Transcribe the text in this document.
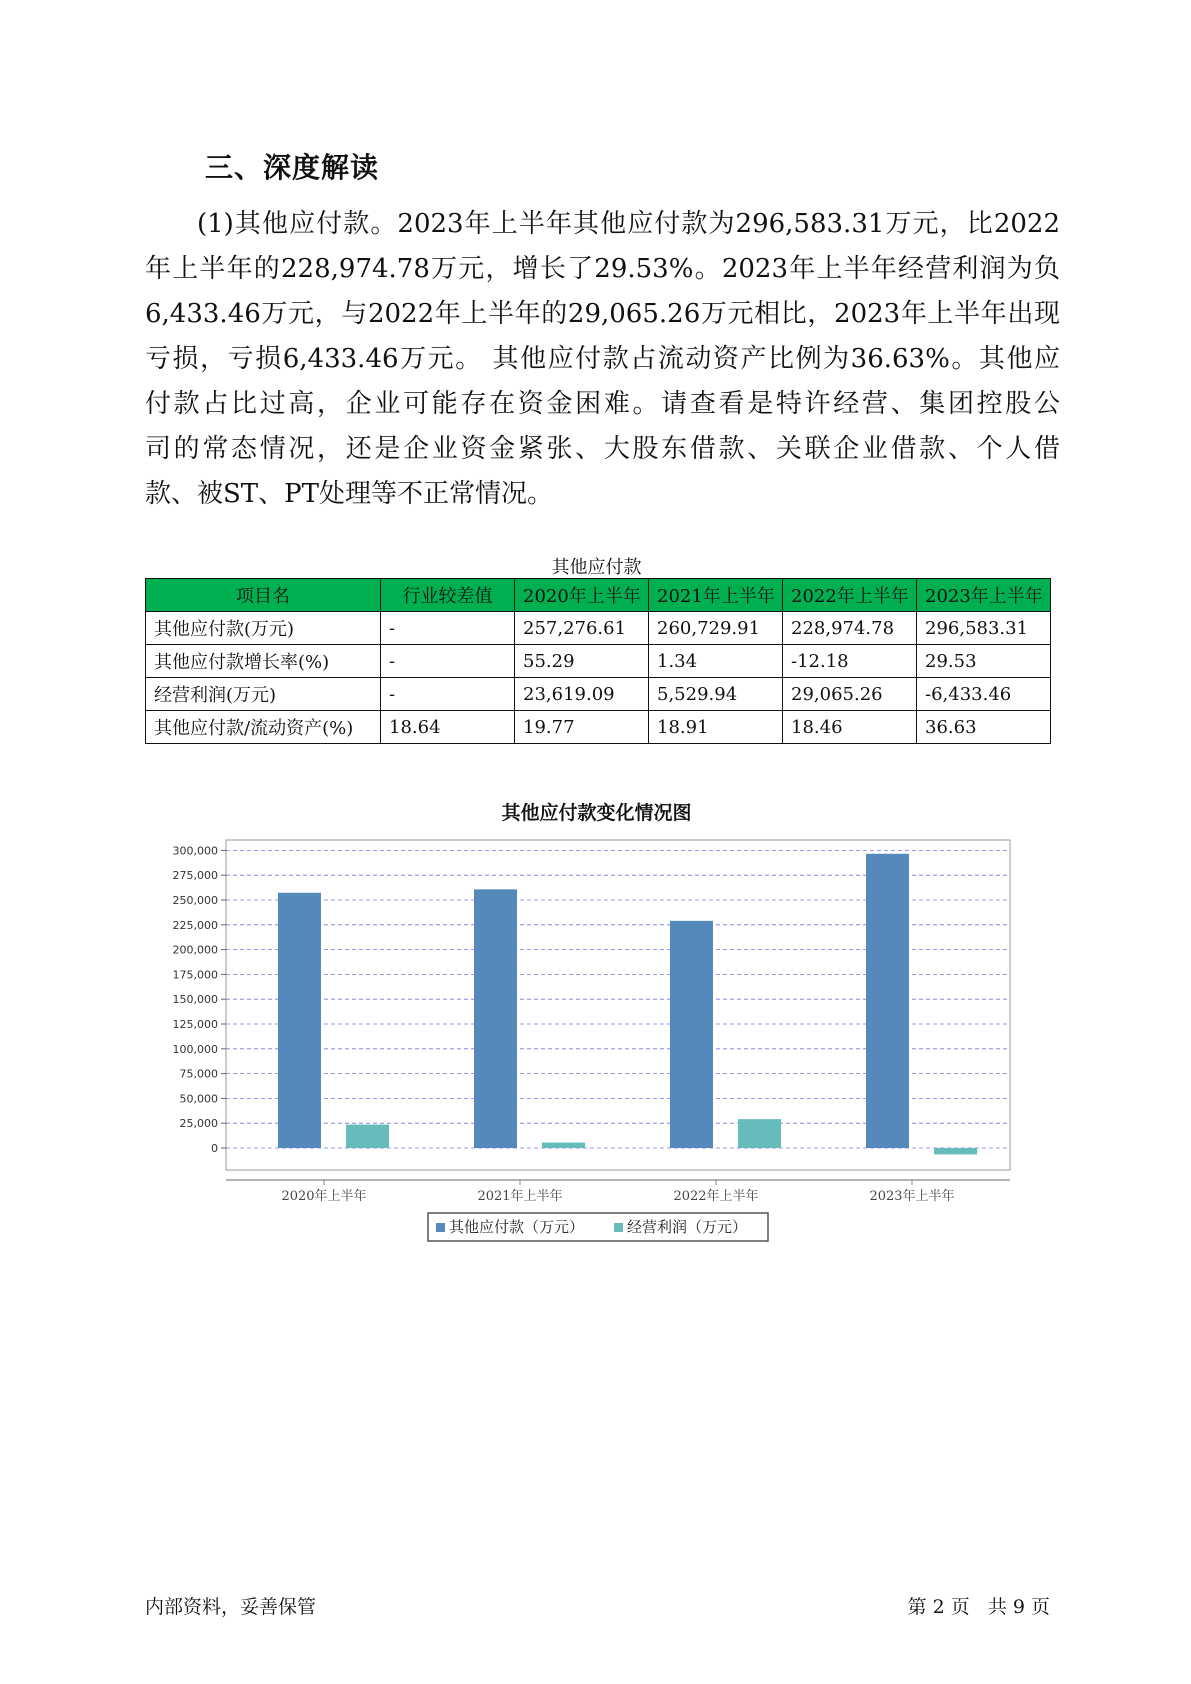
三、深度解读
(1)其他应付款。2023年上半年其他应付款为296,583.31万元，比2022
年上半年的228,974.78万元，增长了29.53%。2023年上半年经营利润为负
6,433.46万元，与2022年上半年的29,065.26万元相比，2023年上半年出现
亏损，亏损6,433.46万元。 其他应付款占流动资产比例为36.63%。其他应
付款占比过高，企业可能存在资金困难。请查看是特许经营、集团控股公
司的常态情况，还是企业资金紧张、大股东借款、关联企业借款、个人借
款、被ST、PT处理等不正常情况。
其他应付款
项目名	行业较差值	2020年上半年	2021年上半年	2022年上半年	2023年上半年
其他应付款(万元)	-	257,276.61	260,729.91	228,974.78	296,583.31
其他应付款增长率(%)	-	55.29	1.34	-12.18	29.53
经营利润(万元)	-	23,619.09	5,529.94	29,065.26	-6,433.46
其他应付款/流动资产(%)	18.64	19.77	18.91	18.46	36.63
其他应付款变化情况图
300,000
275,000
250,000
225,000
200,000
175,000
150,000
125,000
100,000
75,000
50,000
25,000
0
2020年上半年	2021年上半年	2022年上半年	2023年上半年
其他应付款（万元）	经营利润（万元）
内部资料，妥善保管	第 2 页   共 9 页
